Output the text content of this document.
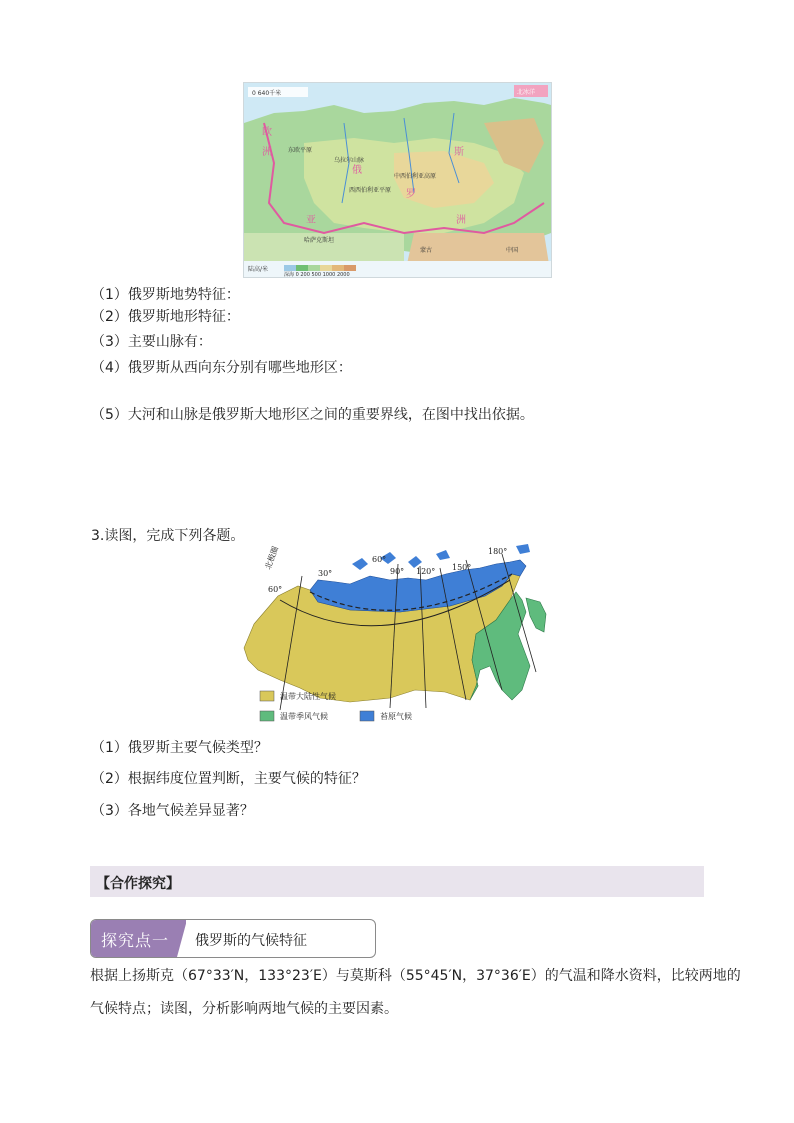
0 640千米	北冰洋
欧
洲	东欧平原
乌拉尔山脉
俄
西西伯利亚平原
中西伯利亚高原
罗
斯
亚	洲
哈萨克斯坦
蒙古	中国
陆高/米
深海 0 200 500 1000 2000
（1）俄罗斯地势特征：
（2）俄罗斯地形特征：
（3）主要山脉有：
（4）俄罗斯从西向东分别有哪些地形区：
（5）大河和山脉是俄罗斯大地形区之间的重要界线，在图中找出依据。
3.读图，完成下列各题。
温带大陆性气候
温带季风气候	苔原气候
北极圈
60°
30°
60°
90° 120° 150°
180°
（1）俄罗斯主要气候类型？
（2）根据纬度位置判断，主要气候的特征？
（3）各地气候差异显著？
【合作探究】
探究点一 俄罗斯的气候特征
根据上扬斯克（67°33′N，133°23′E）与莫斯科（55°45′N，37°36′E）的气温和降水资料，比较两地的
气候特点；读图，分析影响两地气候的主要因素。
